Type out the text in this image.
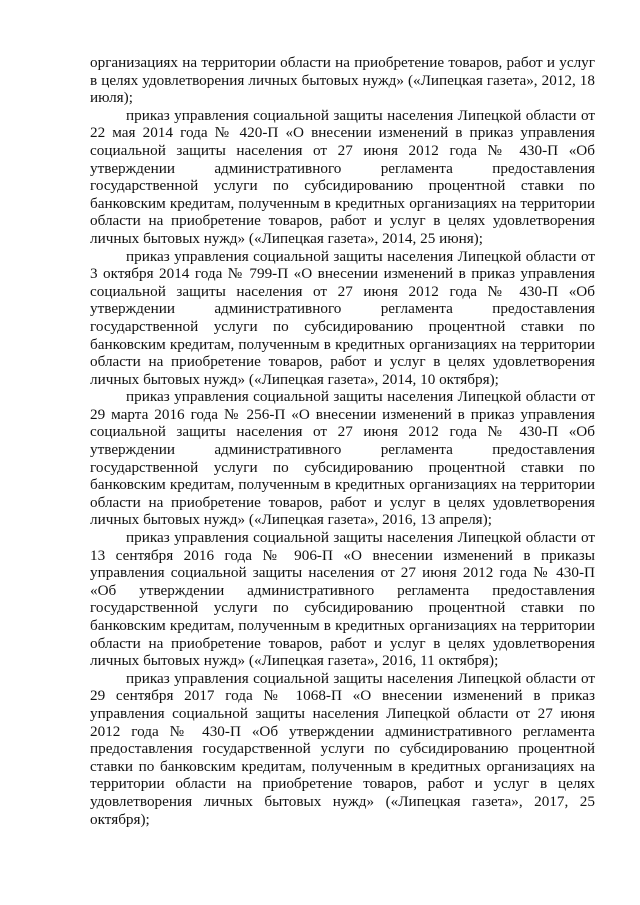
организациях на территории области на приобретение товаров, работ и услуг в целях удовлетворения личных бытовых нужд» («Липецкая газета», 2012, 18 июля);

приказ управления социальной защиты населения Липецкой области от 22 мая 2014 года № 420-П «О внесении изменений в приказ управления социальной защиты населения от 27 июня 2012 года № 430-П «Об утверждении административного регламента предоставления государственной услуги по субсидированию процентной ставки по банковским кредитам, полученным в кредитных организациях на территории области на приобретение товаров, работ и услуг в целях удовлетворения личных бытовых нужд» («Липецкая газета», 2014, 25 июня);

приказ управления социальной защиты населения Липецкой области от 3 октября 2014 года № 799-П «О внесении изменений в приказ управления социальной защиты населения от 27 июня 2012 года № 430-П «Об утверждении административного регламента предоставления государственной услуги по субсидированию процентной ставки по банковским кредитам, полученным в кредитных организациях на территории области на приобретение товаров, работ и услуг в целях удовлетворения личных бытовых нужд» («Липецкая газета», 2014, 10 октября);

приказ управления социальной защиты населения Липецкой области от 29 марта 2016 года № 256-П «О внесении изменений в приказ управления социальной защиты населения от 27 июня 2012 года № 430-П «Об утверждении административного регламента предоставления государственной услуги по субсидированию процентной ставки по банковским кредитам, полученным в кредитных организациях на территории области на приобретение товаров, работ и услуг в целях удовлетворения личных бытовых нужд» («Липецкая газета», 2016, 13 апреля);

приказ управления социальной защиты населения Липецкой области от 13 сентября 2016 года № 906-П «О внесении изменений в приказы управления социальной защиты населения от 27 июня 2012 года № 430-П «Об утверждении административного регламента предоставления государственной услуги по субсидированию процентной ставки по банковским кредитам, полученным в кредитных организациях на территории области на приобретение товаров, работ и услуг в целях удовлетворения личных бытовых нужд» («Липецкая газета», 2016, 11 октября);

приказ управления социальной защиты населения Липецкой области от 29 сентября 2017 года № 1068-П «О внесении изменений в приказ управления социальной защиты населения Липецкой области от 27 июня 2012 года № 430-П «Об утверждении административного регламента предоставления государственной услуги по субсидированию процентной ставки по банковским кредитам, полученным в кредитных организациях на территории области на приобретение товаров, работ и услуг в целях удовлетворения личных бытовых нужд» («Липецкая газета», 2017, 25 октября);
